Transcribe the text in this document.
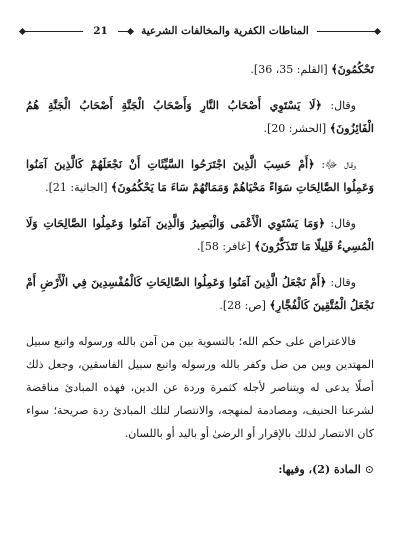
المناطات الكفرية والمخالفات الشرعية
21

تَحْكُمُونَ﴾ [القلم: 35، 36].

وقال: ﴿لَا يَسْتَوِي أَصْحَابُ النَّارِ وَأَصْحَابُ الْجَنَّةِ أَصْحَابُ الْجَنَّةِ هُمُ الْفَائِزُونَ﴾ [الحشر: 20].

وقال ﷻ: ﴿أَمْ حَسِبَ الَّذِينَ اجْتَرَحُوا السَّيِّئَاتِ أَنْ نَجْعَلَهُمْ كَالَّذِينَ آمَنُوا وَعَمِلُوا الصَّالِحَاتِ سَوَاءً مَحْيَاهُمْ وَمَمَاتُهُمْ سَاءَ مَا يَحْكُمُونَ﴾ [الجاثية: 21].

وقال: ﴿وَمَا يَسْتَوِي الْأَعْمَى وَالْبَصِيرُ وَالَّذِينَ آمَنُوا وَعَمِلُوا الصَّالِحَاتِ وَلَا الْمُسِيءُ قَلِيلًا مَا تَتَذَكَّرُونَ﴾ [غافر: 58].

وقال: ﴿أَمْ نَجْعَلُ الَّذِينَ آمَنُوا وَعَمِلُوا الصَّالِحَاتِ كَالْمُفْسِدِينَ فِي الْأَرْضِ أَمْ نَجْعَلُ الْمُتَّقِينَ كَالْفُجَّارِ﴾ [ص: 28].

فالاعتراض على حكم الله؛ بالتسوية بين من آمن بالله ورسوله واتبع سبيل المهتدين وبين من ضل وكفر بالله ورسوله واتبع سبيل الفاسقين، وجعل ذلك أصلًا يدعى له ويتناصر لأجله كثمرة وردة عن الدين، فهذه المبادئ مناقضة لشرعنا الحنيف، ومصادمة لمنهجه، والانتصار لتلك المبادئ ردة صريحة؛ سواء كان الانتصار لذلك بالإقرار أو الرضىٰ أو باليد أو باللسان.

⊙المادة (2)، وفيها:
